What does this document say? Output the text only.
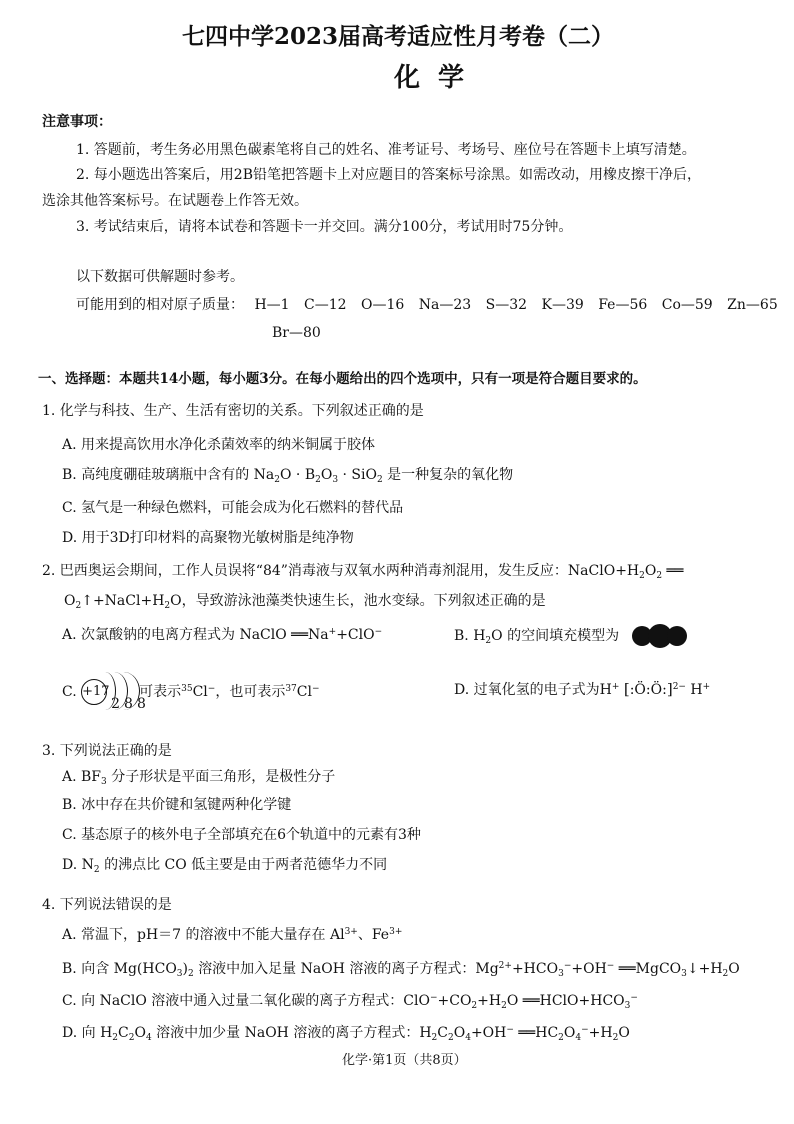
七四中学2023届高考适应性月考卷（二）
化学
注意事项：
1. 答题前，考生务必用黑色碳素笔将自己的姓名、准考证号、考场号、座位号在答题卡上填写清楚。
2. 每小题选出答案后，用2B铅笔把答题卡上对应题目的答案标号涂黑。如需改动，用橡皮擦干净后，
选涂其他答案标号。在试题卷上作答无效。
3. 考试结束后，请将本试卷和答题卡一并交回。满分100分，考试用时75分钟。
以下数据可供解题时参考。
可能用到的相对原子质量： H—1 C—12 O—16 Na—23 S—32 K—39 Fe—56 Co—59 Zn—65
Br—80
一、选择题：本题共14小题，每小题3分。在每小题给出的四个选项中，只有一项是符合题目要求的。
1. 化学与科技、生产、生活有密切的关系。下列叙述正确的是
A. 用来提高饮用水净化杀菌效率的纳米铜属于胶体
B. 高纯度硼硅玻璃瓶中含有的 $Na_2O \cdot B_2O_3 \cdot SiO_2$ 是一种复杂的氧化物
C. 氢气是一种绿色燃料，可能会成为化石燃料的替代品
D. 用于3D打印材料的高聚物光敏树脂是纯净物
2. 巴西奥运会期间，工作人员误将“84”消毒液与双氧水两种消毒剂混用，发生反应：$NaClO+H_2O_2$ ══
$O_2↑+NaCl+H_2O$，导致游泳池藻类快速生长，池水变绿。下列叙述正确的是
A. 次氯酸钠的电离方程式为 NaClO ══Na++ClO−	B. $H_2O$ 的空间填充模型为
C. +17
288
可表示$^{35}$Cl−，也可表示$^{37}$Cl−	D. 过氧化氢的电子式为H+ [:Ö:Ö:]$^{2-}$ H+
3. 下列说法正确的是
A. $BF_3$ 分子形状是平面三角形，是极性分子
B. 冰中存在共价键和氢键两种化学键
C. 基态原子的核外电子全部填充在6个轨道中的元素有3种
D. $N_2$ 的沸点比 CO 低主要是由于两者范德华力不同
4. 下列说法错误的是
A. 常温下，pH＝7 的溶液中不能大量存在 $Al^{3+}$、$Fe^{3+}$
B. 向含 $Mg(HCO_3)_2$ 溶液中加入足量 NaOH 溶液的离子方程式：$Mg^{2+}+HCO_3^-+OH^-$ $══MgCO_3↓+H_2O$
C. 向 NaClO 溶液中通入过量二氧化碳的离子方程式：$ClO^-+CO_2+H_2O$ $══HClO+HCO_3^-$
D. 向 $H_2C_2O_4$ 溶液中加少量 NaOH 溶液的离子方程式：$H_2C_2O_4+OH^-$ $══HC_2O_4^-+H_2O$
化学·第1页（共8页）
